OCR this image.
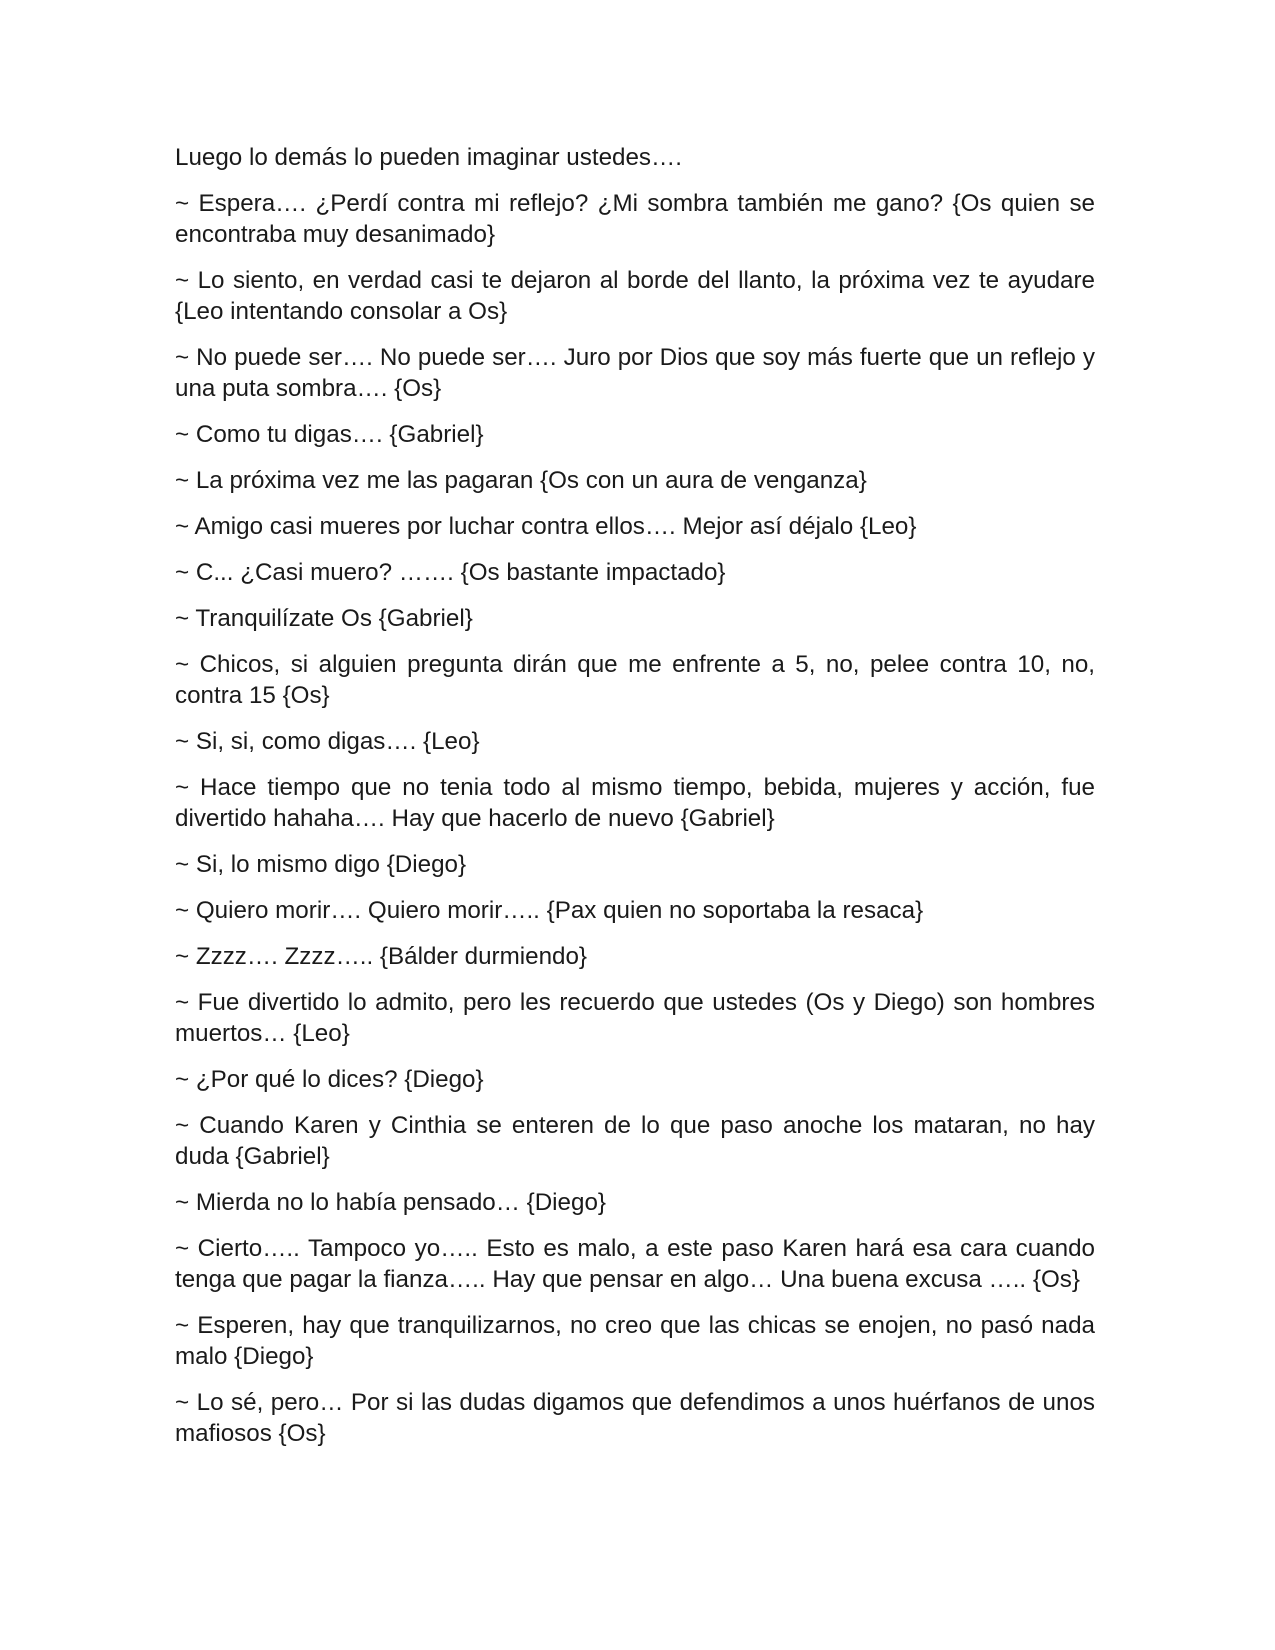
Luego lo demás lo pueden imaginar ustedes….

~ Espera…. ¿Perdí contra mi reflejo? ¿Mi sombra también me gano? {Os quien se encontraba muy desanimado}

~ Lo siento, en verdad casi te dejaron al borde del llanto, la próxima vez te ayudare {Leo intentando consolar a Os}

~ No puede ser…. No puede ser…. Juro por Dios que soy más fuerte que un reflejo y una puta sombra…. {Os}

~ Como tu digas…. {Gabriel}

~ La próxima vez me las pagaran {Os con un aura de venganza}

~ Amigo casi mueres por luchar contra ellos…. Mejor así déjalo {Leo}

~ C... ¿Casi muero? ……. {Os bastante impactado}

~ Tranquilízate Os {Gabriel}

~ Chicos, si alguien pregunta dirán que me enfrente a 5, no, pelee contra 10, no, contra 15 {Os}

~ Si, si, como digas…. {Leo}

~ Hace tiempo que no tenia todo al mismo tiempo, bebida, mujeres y acción, fue divertido hahaha…. Hay que hacerlo de nuevo {Gabriel}

~ Si, lo mismo digo {Diego}

~ Quiero morir…. Quiero morir….. {Pax quien no soportaba la resaca}

~ Zzzz…. Zzzz….. {Bálder durmiendo}

~ Fue divertido lo admito, pero les recuerdo que ustedes (Os y Diego) son hombres muertos… {Leo}

~ ¿Por qué lo dices? {Diego}

~ Cuando Karen y Cinthia se enteren de lo que paso anoche los mataran, no hay duda {Gabriel}

~ Mierda no lo había pensado… {Diego}

~ Cierto….. Tampoco yo….. Esto es malo, a este paso Karen hará esa cara cuando tenga que pagar la fianza….. Hay que pensar en algo… Una buena excusa ….. {Os}

~ Esperen, hay que tranquilizarnos, no creo que las chicas se enojen, no pasó nada malo {Diego}

~ Lo sé, pero… Por si las dudas digamos que defendimos a unos huérfanos de unos mafiosos {Os}
